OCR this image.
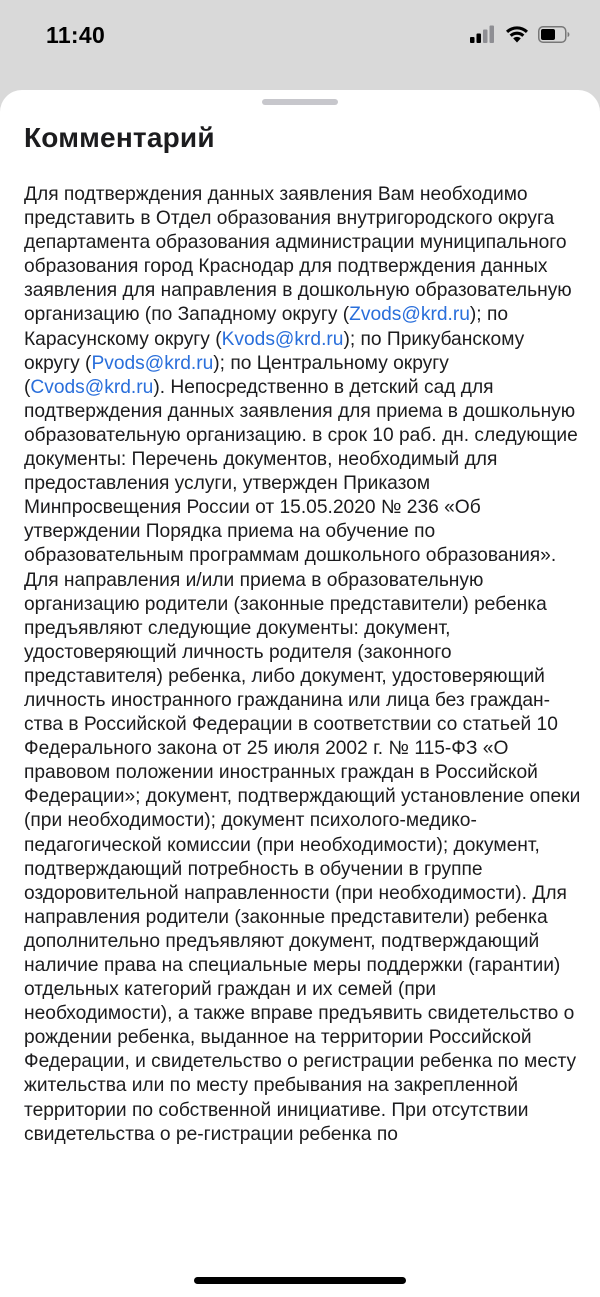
11:40
Комментарий

Для подтверждения данных заявления Вам необходимо представить в Отдел образования внутригородского округа департамента образования администрации муниципального образования город Краснодар для подтверждения данных заявления для направления в дошкольную образовательную организацию (по Западному округу (Zvods@krd.ru); по Карасунскому округу (Kvods@krd.ru); по Прикубанскому округу (Pvods@krd.ru); по Центральному округу (Cvods@krd.ru). Непосредственно в детский сад для подтверждения данных заявления для приема в дошкольную образовательную организацию. в срок 10 раб. дн. следующие документы: Перечень документов, необходимый для предоставления услуги, утвержден Приказом Минпросвещения России от 15.05.2020 № 236 «Об утверждении Порядка приема на обучение по образовательным программам дошкольного образования». Для направления и/или приема в образовательную организацию родители (законные представители) ребенка предъявляют следующие документы: документ, удостоверяющий личность родителя (законного представителя) ребенка, либо документ, удостоверяющий личность иностранного гражданина или лица без граждан-ства в Российской Федерации в соответствии со статьей 10 Федерального закона от 25 июля 2002 г. № 115-ФЗ «О правовом положении иностранных граждан в Российской Федерации»; документ, подтверждающий установление опеки (при необходимости); документ психолого-медико-педагогической комиссии (при необходимости); документ, подтверждающий потребность в обучении в группе оздоровительной направленности (при необходимости). Для направления родители (законные представители) ребенка дополнительно предъявляют документ, подтверждающий наличие права на специальные меры поддержки (гарантии) отдельных категорий граждан и их семей (при необходимости), а также вправе предъявить свидетельство о рождении ребенка, выданное на территории Российской Федерации, и свидетельство о регистрации ребенка по месту жительства или по месту пребывания на закрепленной территории по собственной инициативе. При отсутствии свидетельства о ре-гистрации ребенка по
